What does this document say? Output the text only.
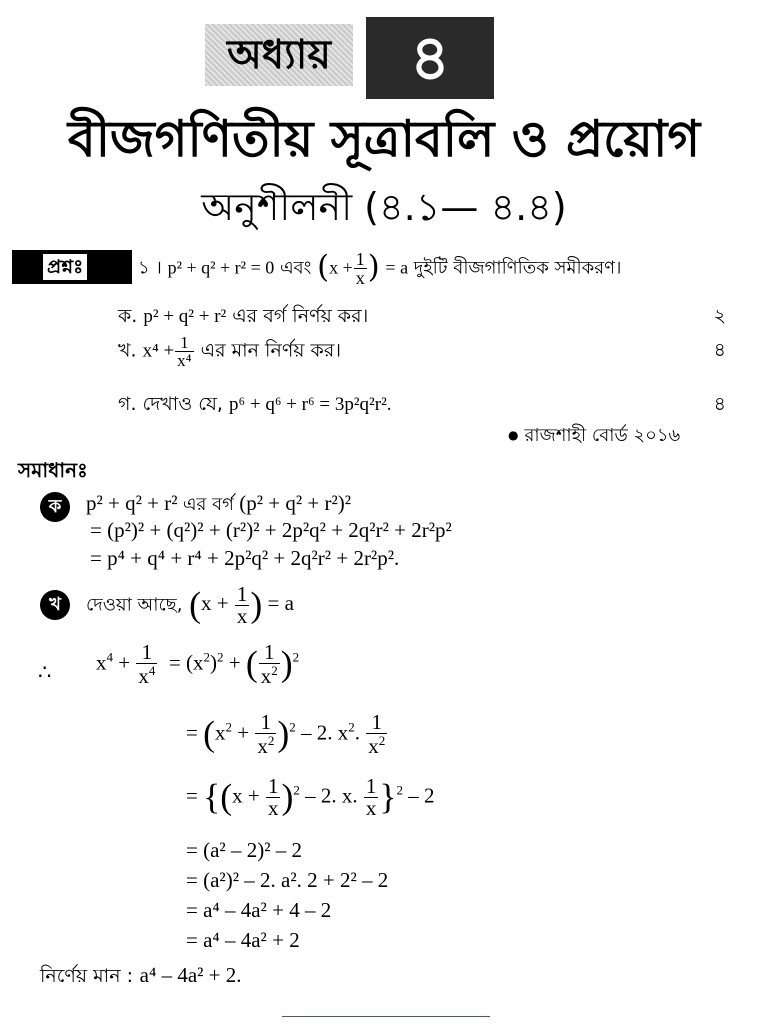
অধ্যায়	৪
বীজগণিতীয় সূত্রাবলি ও প্রয়োগ
অনুশীলনী (৪.১— ৪.৪)
প্রশ্নঃ	১ । p² + q² + r² = 0 এবং ($x + \frac{1}{x}$ ) = a দুইটি বীজগাণিতিক সমীকরণ।
ক. p² + q² + r² এর বর্গ নির্ণয় কর।	২
খ. $x^4 + \frac{1}{\text{x⁴}}$ এর মান নির্ণয় কর।	৪
গ. দেখাও যে, p⁶ + q⁶ + r⁶ = 3p²q²r².	৪
● রাজশাহী বোর্ড ২০১৬
সমাধানঃ
ক	p² + q² + r² এর বর্গ (p² + q² + r²)²
= (p²)² + (q²)² + (r²)² + 2p²q² + 2q²r² + 2r²p²
= p⁴ + q⁴ + r⁴ + 2p²q² + 2q²r² + 2r²p².
খ	দেওয়া আছে, ($x + \frac{1}{x}$ ) = a
∴ $x^4 + \frac{1}{x^4} = (x^2)^2$ + ( $\frac{1}{x^2} )^2$
= $(x^2 + \frac{1}{x^2} )^2 - 2$. $x^2$. $\frac{1}{x^2}$
= {$(x + \frac{1}{x} )^2 - 2$. x. $\frac{1}{x} \}^2 - 2$
= (a² – 2)² – 2
= (a²)² – 2. a². 2 + 2² – 2
= a⁴ – 4a² + 4 – 2
= a⁴ – 4a² + 2
নির্ণেয় মান : a⁴ – 4a² + 2.
